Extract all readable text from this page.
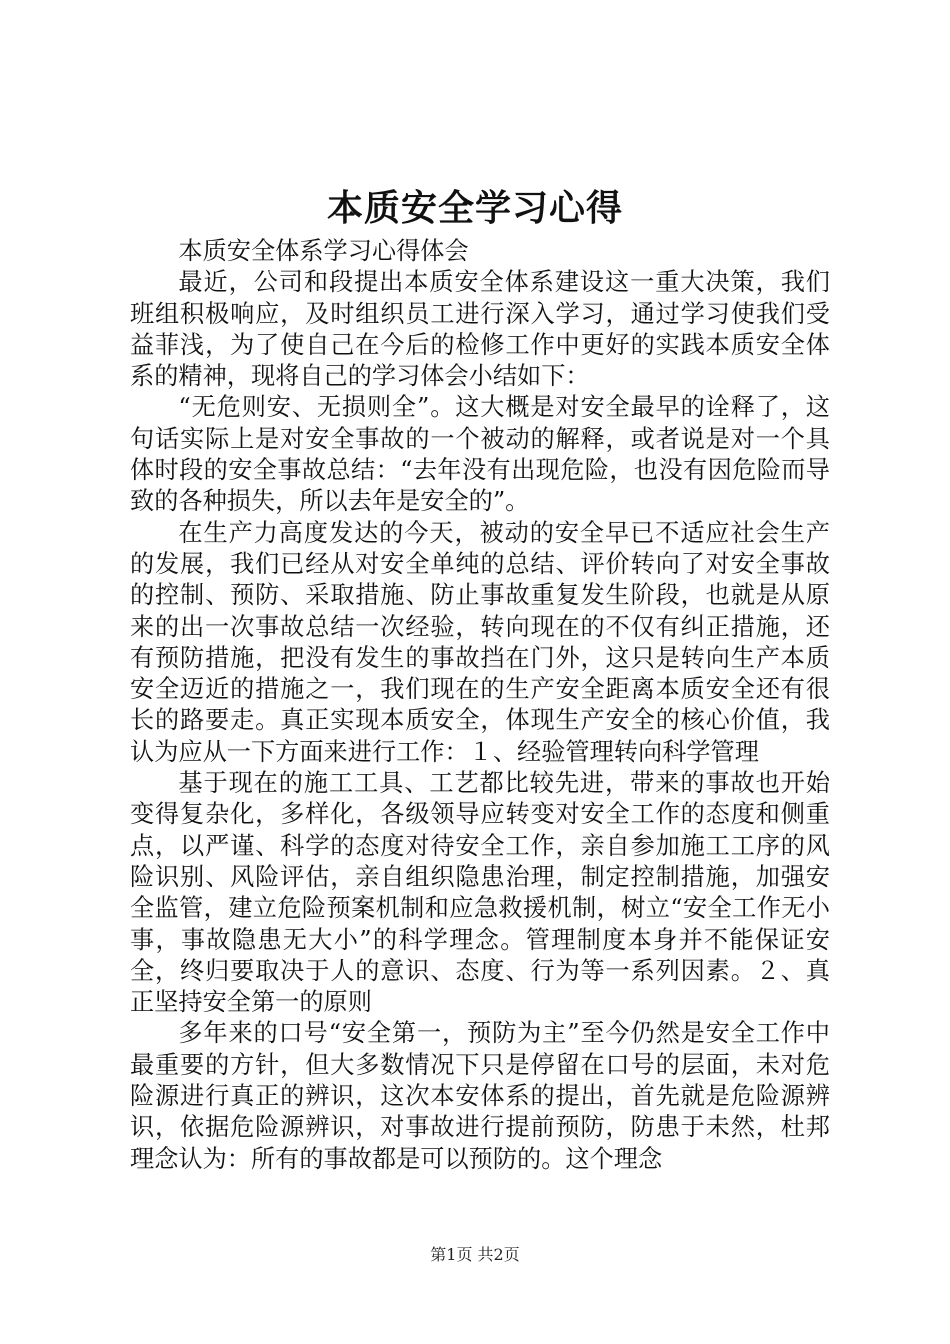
本质安全学习心得

本质安全体系学习心得体会

最近，公司和段提出本质安全体系建设这一重大决策，我们班组积极响应，及时组织员工进行深入学习，通过学习使我们受益菲浅，为了使自己在今后的检修工作中更好的实践本质安全体系的精神，现将自己的学习体会小结如下：

“无危则安、无损则全”。这大概是对安全最早的诠释了，这句话实际上是对安全事故的一个被动的解释，或者说是对一个具体时段的安全事故总结：“去年没有出现危险，也没有因危险而导致的各种损失，所以去年是安全的”。

在生产力高度发达的今天，被动的安全早已不适应社会生产的发展，我们已经从对安全单纯的总结、评价转向了对安全事故的控制、预防、采取措施、防止事故重复发生阶段，也就是从原来的出一次事故总结一次经验，转向现在的不仅有纠正措施，还有预防措施，把没有发生的事故挡在门外，这只是转向生产本质安全迈近的措施之一，我们现在的生产安全距离本质安全还有很长的路要走。真正实现本质安全，体现生产安全的核心价值，我认为应从一下方面来进行工作：１、经验管理转向科学管理

基于现在的施工工具、工艺都比较先进，带来的事故也开始变得复杂化，多样化，各级领导应转变对安全工作的态度和侧重点，以严谨、科学的态度对待安全工作，亲自参加施工工序的风险识别、风险评估，亲自组织隐患治理，制定控制措施，加强安全监管，建立危险预案机制和应急救援机制，树立“安全工作无小事，事故隐患无大小”的科学理念。管理制度本身并不能保证安全，终归要取决于人的意识、态度、行为等一系列因素。２、真正坚持安全第一的原则

多年来的口号“安全第一，预防为主”至今仍然是安全工作中最重要的方针，但大多数情况下只是停留在口号的层面，未对危险源进行真正的辨识，这次本安体系的提出，首先就是危险源辨识，依据危险源辨识，对事故进行提前预防，防患于未然，杜邦理念认为：所有的事故都是可以预防的。这个理念

第1页 共2页
